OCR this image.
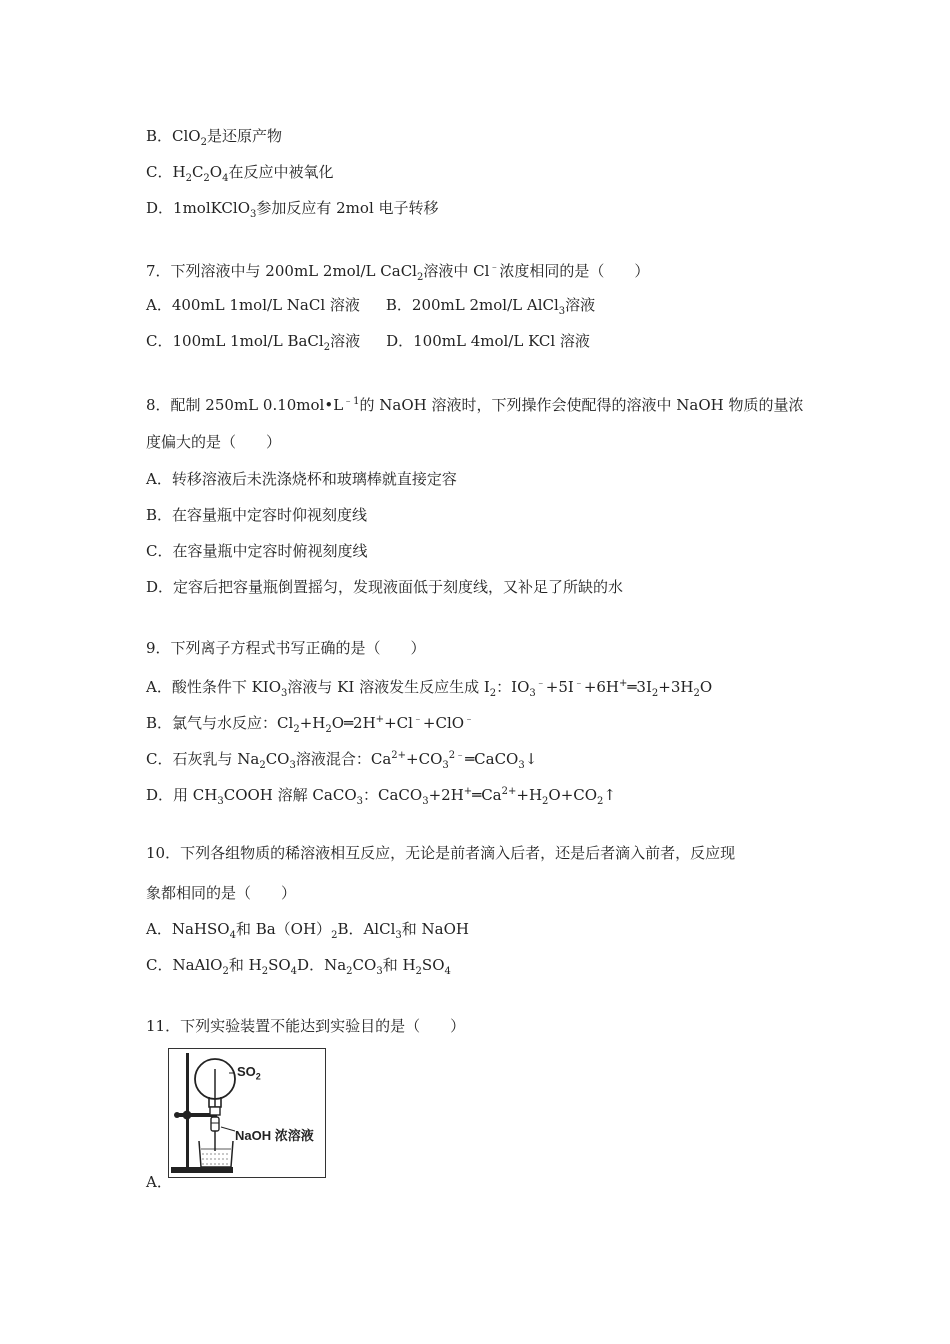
B．ClO$_2$是还原产物
C．$H_2C_2O_4$在反应中被氧化
D．1molKClO$_3$参加反应有 2mol 电子转移
7．下列溶液中与 200mL 2mol/L CaCl$_2$溶液中 Cl﹣浓度相同的是（　　）
A．400mL 1mol/L NaCl 溶液 B．200mL 2mol/L AlCl$_3$溶液
C．100mL 1mol/L BaCl$_2$溶液 D．100mL 4mol/L KCl 溶液
8．配制 250mL $0.10mol•L^{﹣1}$的 NaOH 溶液时，下列操作会使配得的溶液中 NaOH 物质的量浓
度偏大的是（　　）
A．转移溶液后未洗涤烧杯和玻璃棒就直接定容
B．在容量瓶中定容时仰视刻度线
C．在容量瓶中定容时俯视刻度线
D．定容后把容量瓶倒置摇匀，发现液面低于刻度线，又补足了所缺的水
9．下列离子方程式书写正确的是（　　）
A．酸性条件下 $KIO_3$溶液与 KI 溶液发生反应生成 $I_2$：$IO_3^﹣+5I^﹣+6H^+═3I_2+3H_2O$
B．氯气与水反应：$Cl_2+H_2O═2H^++Cl^﹣+ClO^﹣$
C．石灰乳与 $Na_2CO_3$溶液混合：$Ca^{2+}+CO_3^{2﹣}═CaCO_3↓$
D．用 $CH_3COOH$ 溶解 CaCO$_3$：$CaCO_3+2H^+═Ca^{2+}+H_2O+CO_2↑$
10．下列各组物质的稀溶液相互反应，无论是前者滴入后者，还是后者滴入前者，反应现
象都相同的是（　　）
A．NaHSO$_4$和 $Ba(OH)_2B$．AlCl$_3$和 NaOH
C．NaAlO$_2$和 $H_2SO_4D$．$Na_2CO_3$和 $H_2SO_4$
11．下列实验装置不能达到实验目的是（　　）
$SO_2$
NaOH 浓溶液
A．
